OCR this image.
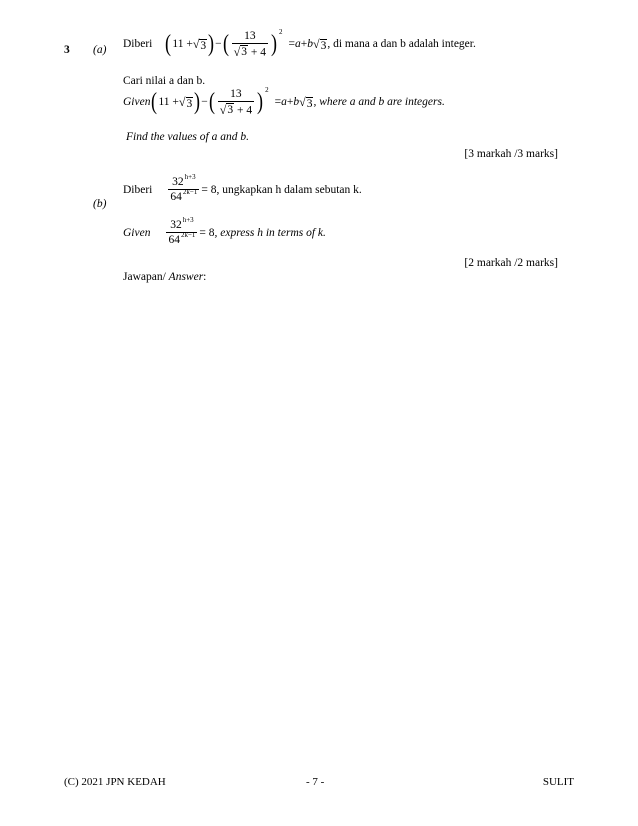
3 (a) Diberi ( 11 + √ 3 ) − ( $\frac{13}{√ 3 + 4}$ ) 2
= a + b √ 3 , di mana a dan b adalah integer.
Cari nilai a dan b.
Given ( 11 + √ 3 ) − ( $\frac{13}{√ 3 + 4}$ ) 2
= a + b √ 3 , where a and b are integers.
Find the values of a and b.
[3 markah /3 marks]
(b)
Diberi $\frac{32^{h+3}}{64^{2k-1}} = 8$ , ungkapkan h dalam sebutan k.
Given $\frac{32^{h+3}}{64^{2k-1}} = 8$ , express h in terms of k.
[2 markah /2 marks]
Jawapan/ Answer:
(C) 2021 JPN KEDAH	- 7 -	SULIT
